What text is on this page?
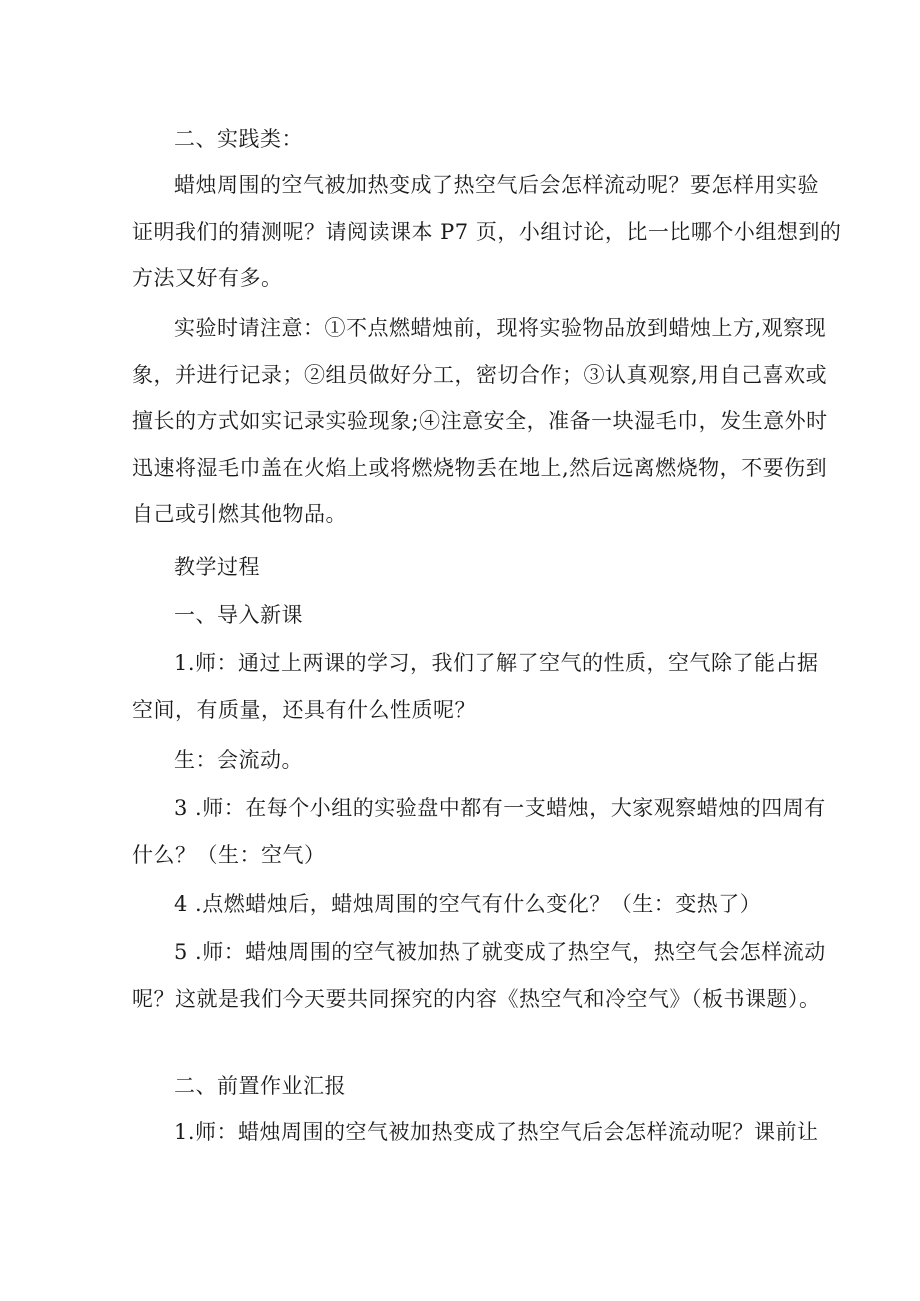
二、实践类：

蜡烛周围的空气被加热变成了热空气后会怎样流动呢？要怎样用实验
证明我们的猜测呢？请阅读课本 P7 页，小组讨论，比一比哪个小组想到的
方法又好有多。

实验时请注意：①不点燃蜡烛前，现将实验物品放到蜡烛上方,观察现
象，并进行记录；②组员做好分工，密切合作；③认真观察,用自己喜欢或
擅长的方式如实记录实验现象;④注意安全，准备一块湿毛巾，发生意外时
迅速将湿毛巾盖在火焰上或将燃烧物丢在地上,然后远离燃烧物，不要伤到
自己或引燃其他物品。

教学过程

一、导入新课

1.师：通过上两课的学习，我们了解了空气的性质，空气除了能占据
空间，有质量，还具有什么性质呢？

生：会流动。

3 .师：在每个小组的实验盘中都有一支蜡烛，大家观察蜡烛的四周有
什么？（生：空气）

4 .点燃蜡烛后，蜡烛周围的空气有什么变化？（生：变热了）

5 .师：蜡烛周围的空气被加热了就变成了热空气，热空气会怎样流动
呢？这就是我们今天要共同探究的内容《热空气和冷空气》（板书课题）。

二、前置作业汇报

1.师：蜡烛周围的空气被加热变成了热空气后会怎样流动呢？课前让
